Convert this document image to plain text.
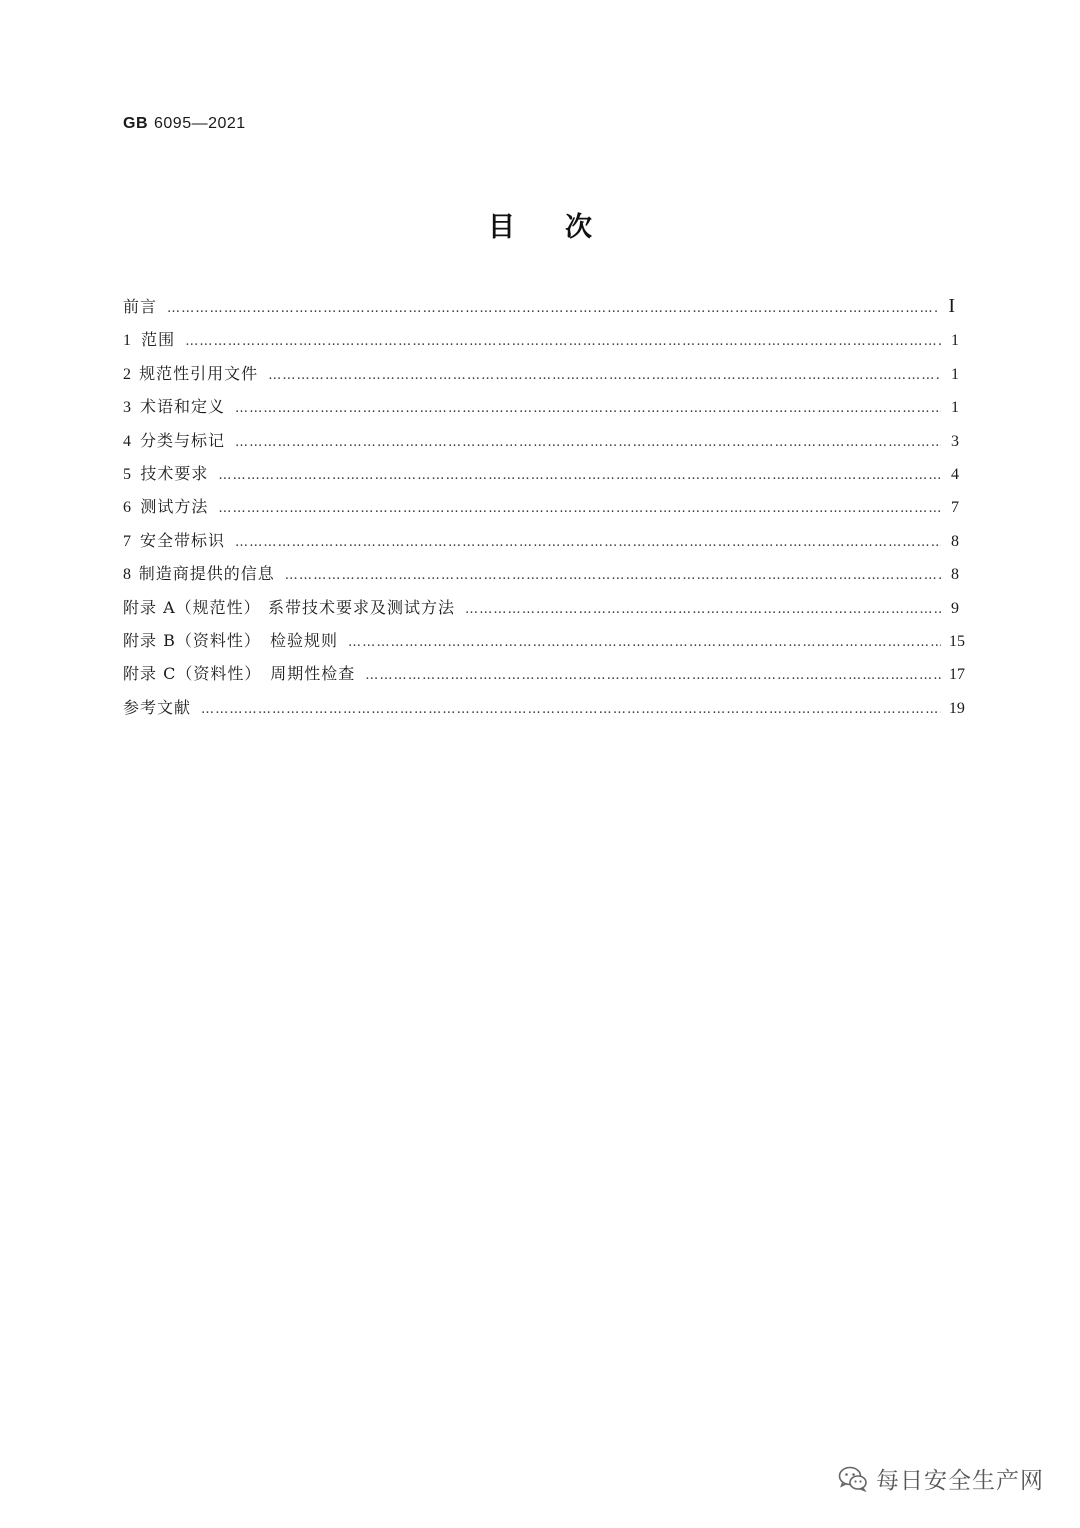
GB 6095—2021
目次
前言 …………………………………………………………………………………………………………………………………………………………………………………………………………………………	I
1 范围 …………………………………………………………………………………………………………………………………………………………………………………………………………………………	1
2 规范性引用文件 …………………………………………………………………………………………………………………………………………………………………………………………………………………………	1
3 术语和定义 …………………………………………………………………………………………………………………………………………………………………………………………………………………………	1
4 分类与标记 …………………………………………………………………………………………………………………………………………………………………………………………………………………………	3
5 技术要求 …………………………………………………………………………………………………………………………………………………………………………………………………………………………	4
6 测试方法 …………………………………………………………………………………………………………………………………………………………………………………………………………………………	7
7 安全带标识 …………………………………………………………………………………………………………………………………………………………………………………………………………………………	8
8 制造商提供的信息 …………………………………………………………………………………………………………………………………………………………………………………………………………………………	8
附录 A（规范性） 系带技术要求及测试方法 …………………………………………………………………………………………………………………………………………………………………………………………………………………………	9
附录 B（资料性） 检验规则 …………………………………………………………………………………………………………………………………………………………………………………………………………………………	15
附录 C（资料性） 周期性检查 …………………………………………………………………………………………………………………………………………………………………………………………………………………………	17
参考文献 …………………………………………………………………………………………………………………………………………………………………………………………………………………………	19
每日安全生产网
